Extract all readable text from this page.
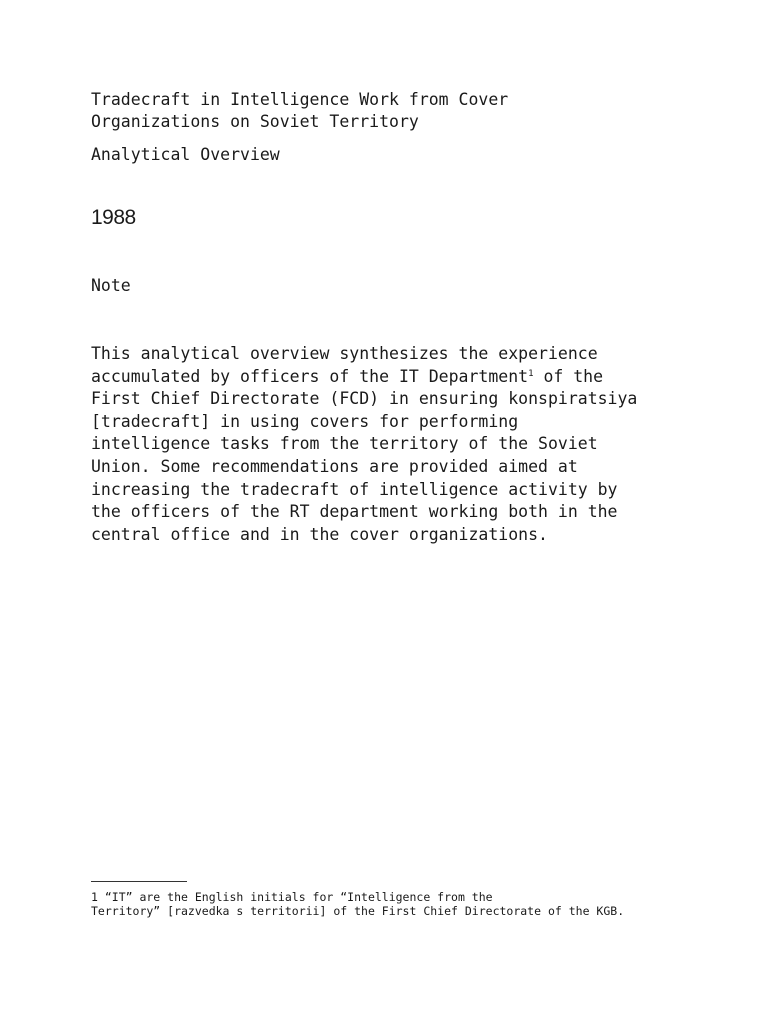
Tradecraft in Intelligence Work from Cover
Organizations on Soviet Territory

Analytical Overview

1988

Note

This analytical overview synthesizes the experience
accumulated by officers of the IT Department$^1$ of the
First Chief Directorate (FCD) in ensuring konspiratsiya
[tradecraft] in using covers for performing
intelligence tasks from the territory of the Soviet
Union. Some recommendations are provided aimed at
increasing the tradecraft of intelligence activity by
the officers of the RT department working both in the
central office and in the cover organizations.

1 “IT” are the English initials for “Intelligence from the
Territory” [razvedka s territorii] of the First Chief Directorate of the KGB.
